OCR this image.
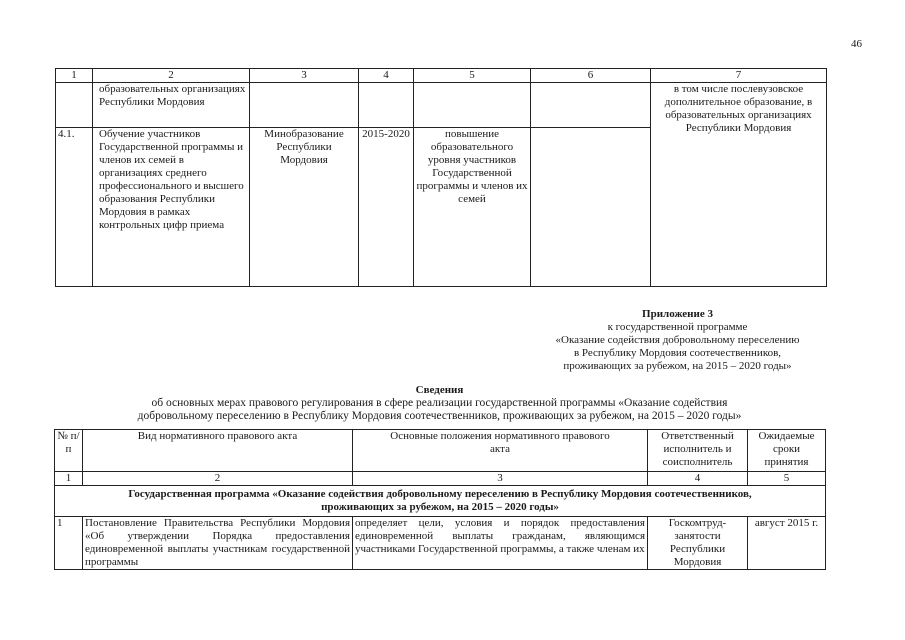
46
1	2	3	4	5	6	7
	образовательных организациях Республики Мордовия					в том числе послевузовское дополнительное образование, в образовательных организациях Республики Мордовия
4.1.	Обучение участников Государственной программы и членов их семей в организациях среднего профессионального и высшего образования Республики Мордовия в рамках контрольных цифр приема	Минобразование Республики Мордовия	2015-2020	повышение образовательного уровня участников Государственной программы и членов их семей		
Приложение 3
к государственной программе
«Оказание содействия добровольному переселению
в Республику Мордовия соотечественников,
проживающих за рубежом, на 2015 – 2020 годы»
Сведения
об основных мерах правового регулирования в сфере реализации государственной программы «Оказание содействия
добровольному переселению в Республику Мордовия соотечественников, проживающих за рубежом, на 2015 – 2020 годы»
№ п/п	Вид нормативного правового акта	Основные положения нормативного правового акта	Ответственный исполнитель и соисполнитель	Ожидаемые сроки принятия
1	2	3	4	5
Государственная программа «Оказание содействия добровольному переселению в Республику Мордовия соотечественников, проживающих за рубежом, на 2015 – 2020 годы»				
1	Постановление Правительства Республики Мордовия «Об утверждении Порядка предоставления единовременной выплаты участникам государственной программы	определяет цели, условия и порядок предоставления единовременной выплаты гражданам, являющимся участниками Государственной программы, а также членам их	Госкомтруд-занятости Республики Мордовия	август 2015 г.
